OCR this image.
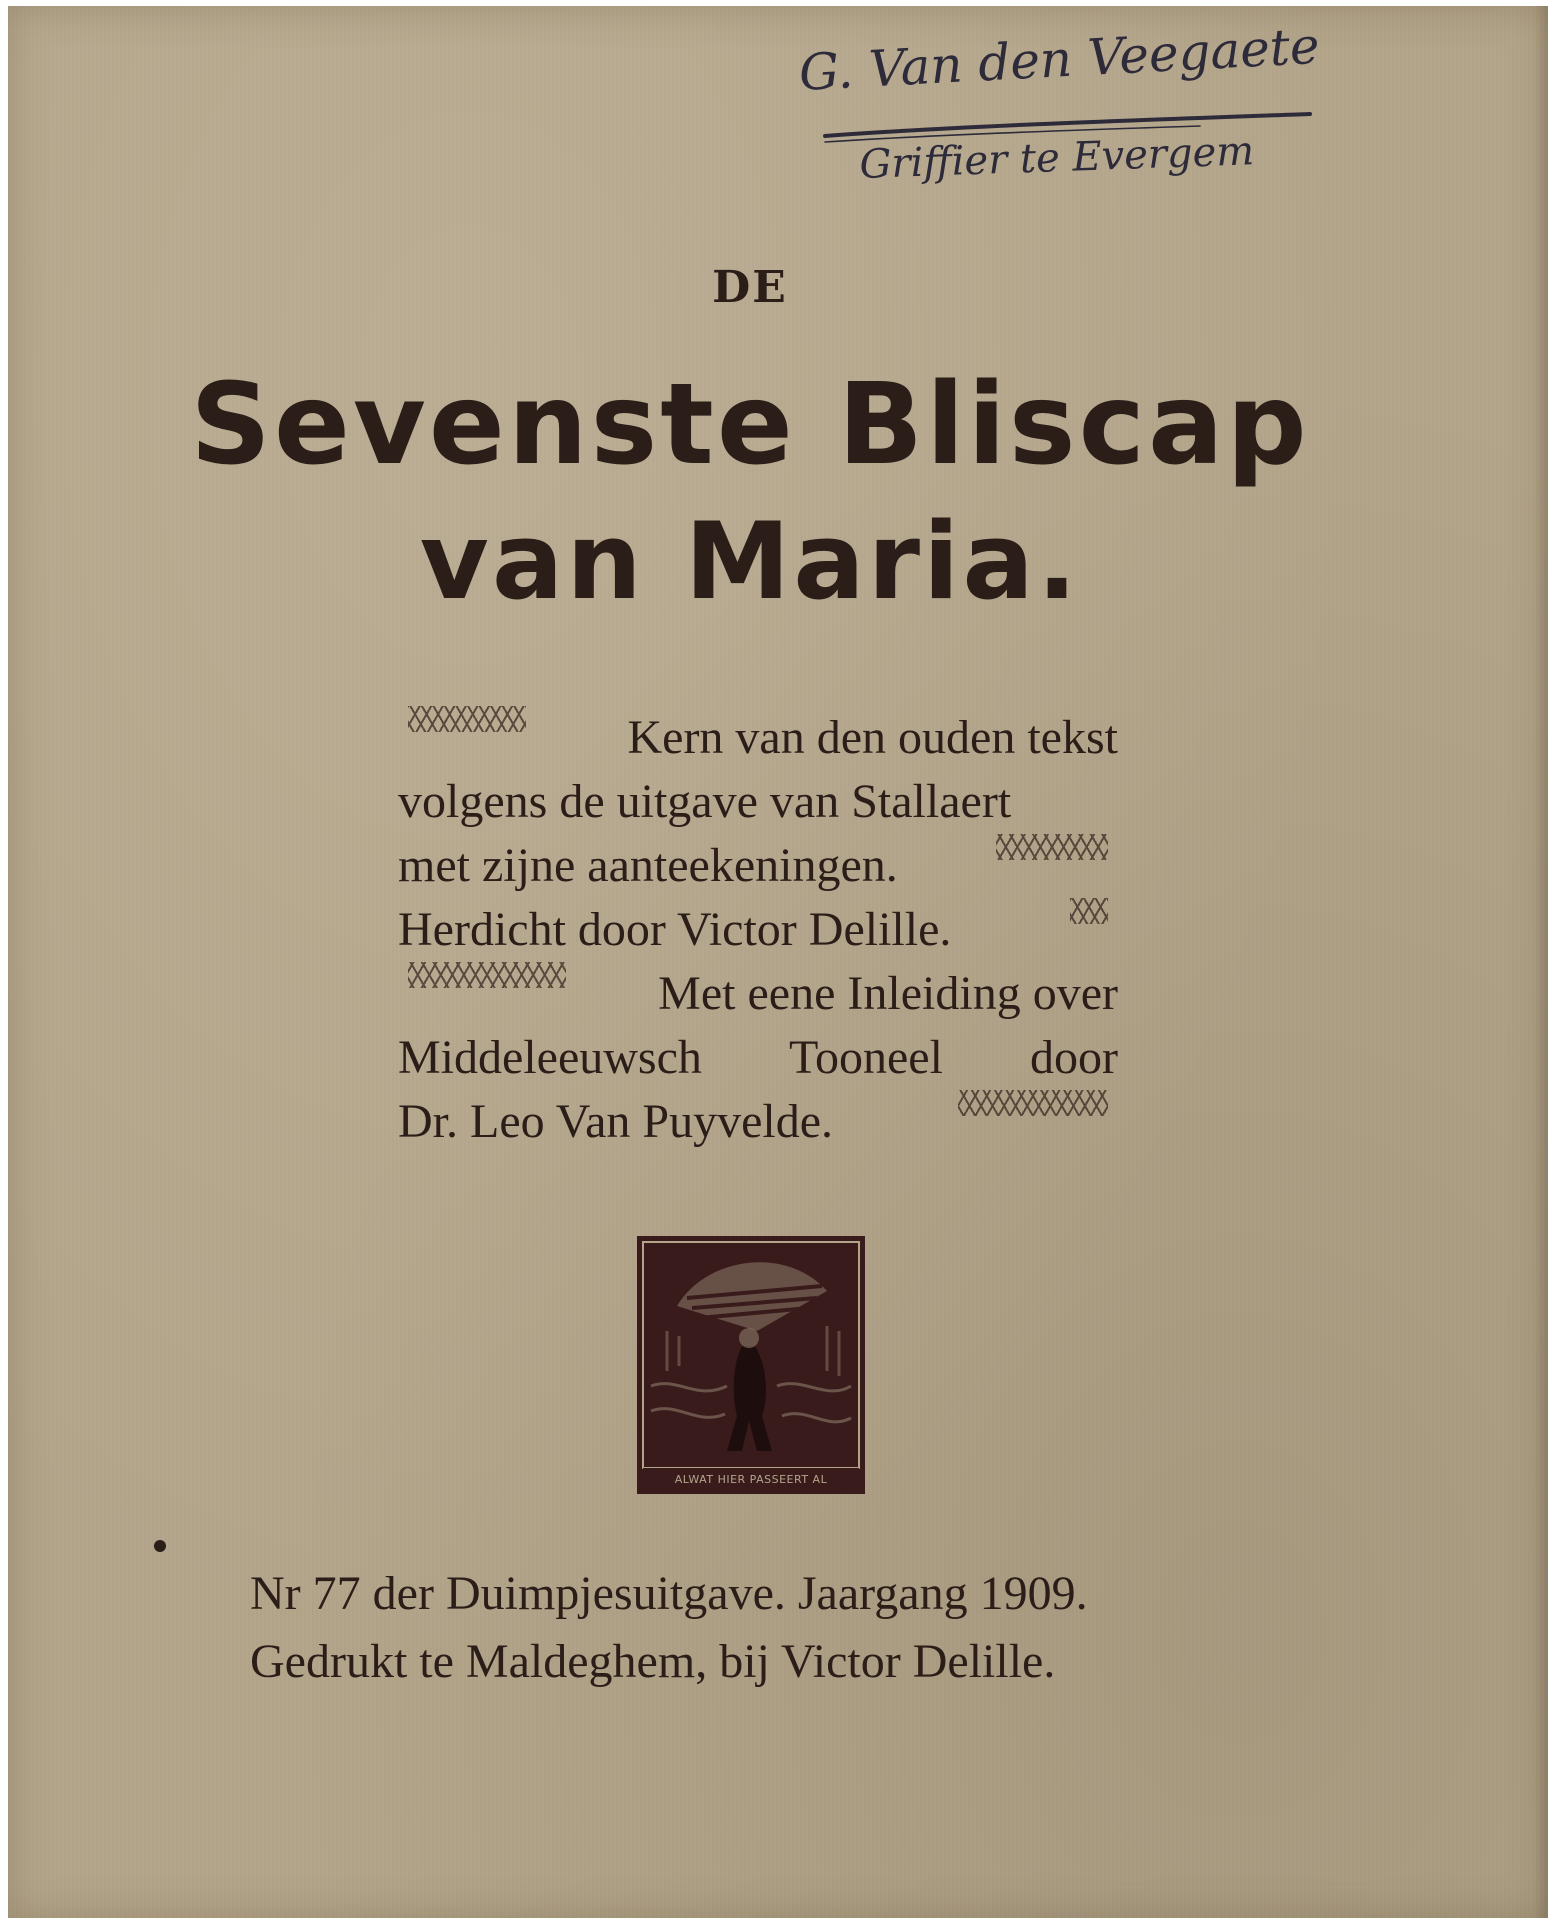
G. Van den Veegaete
Griffier te Evergem
DE
Sevenste Bliscap
van Maria.
Kern van den ouden tekst
volgens de uitgave van Stallaert
met zijne aanteekeningen.
Herdicht door Victor Delille.
Met eene Inleiding over
Middeleeuwsch Tooneel door
Dr. Leo Van Puyvelde.
ALWAT HIER PASSEERT AL
Nr 77 der Duimpjesuitgave. Jaargang 1909.
Gedrukt te Maldeghem, bij Victor Delille.
